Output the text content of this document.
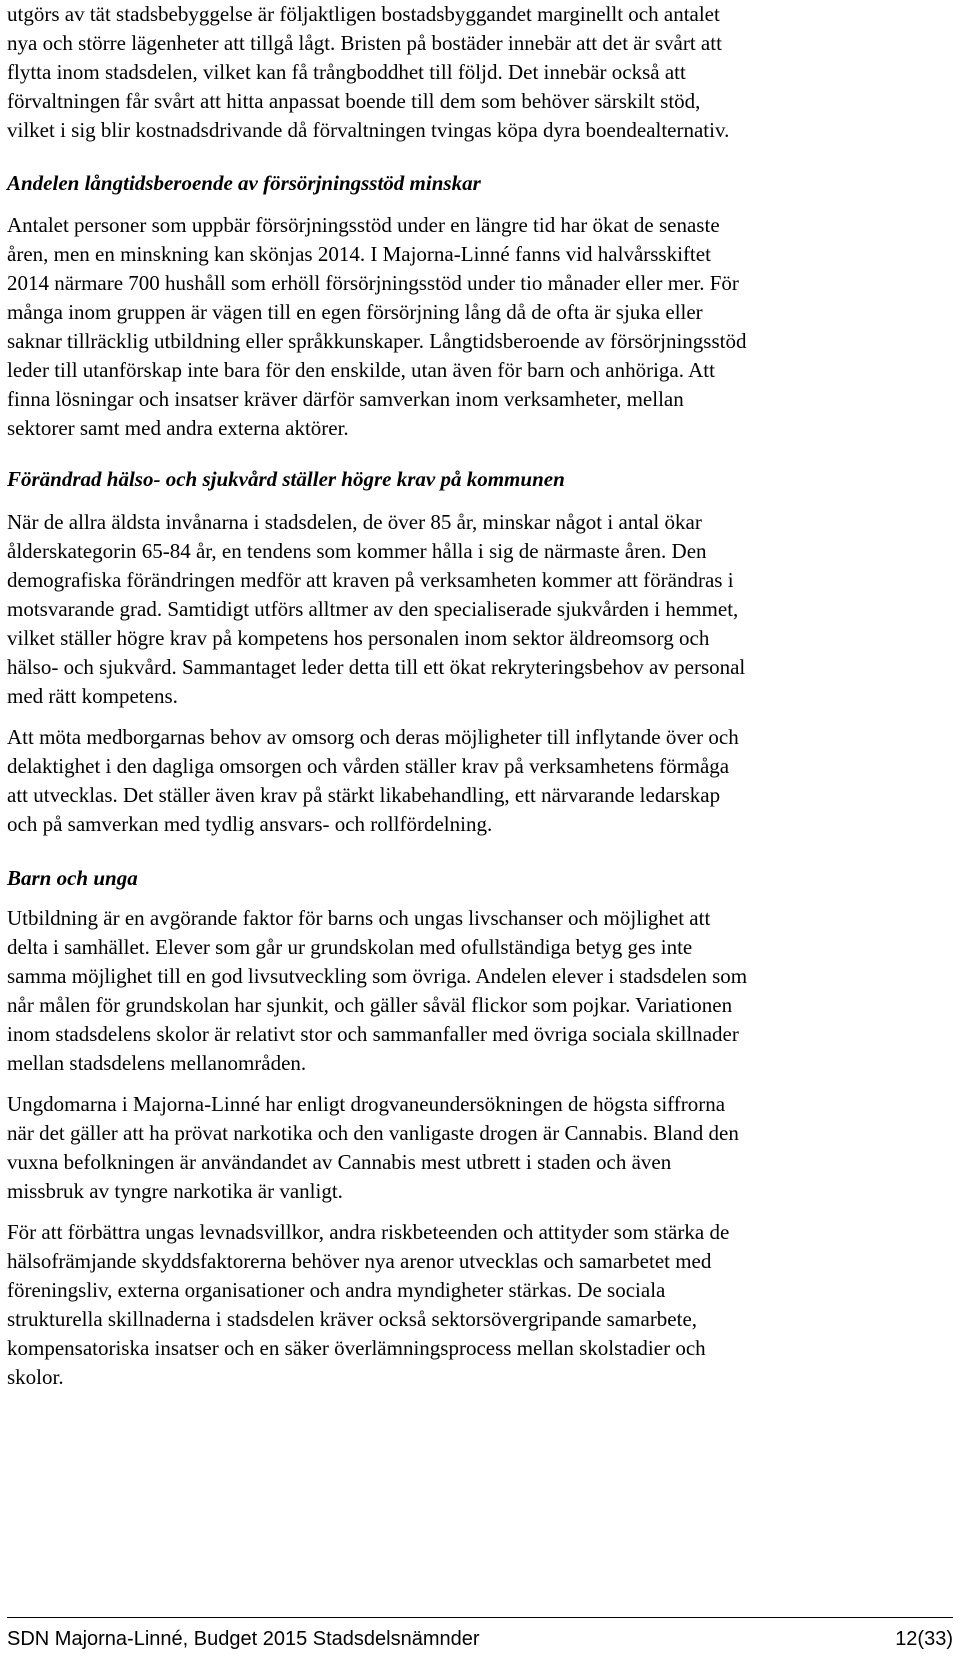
utgörs av tät stadsbebyggelse är följaktligen bostadsbyggandet marginellt och antalet
nya och större lägenheter att tillgå lågt. Bristen på bostäder innebär att det är svårt att
flytta inom stadsdelen, vilket kan få trångboddhet till följd. Det innebär också att
förvaltningen får svårt att hitta anpassat boende till dem som behöver särskilt stöd,
vilket i sig blir kostnadsdrivande då förvaltningen tvingas köpa dyra boendealternativ.

Andelen långtidsberoende av försörjningsstöd minskar

Antalet personer som uppbär försörjningsstöd under en längre tid har ökat de senaste
åren, men en minskning kan skönjas 2014. I Majorna-Linné fanns vid halvårsskiftet
2014 närmare 700 hushåll som erhöll försörjningsstöd under tio månader eller mer. För
många inom gruppen är vägen till en egen försörjning lång då de ofta är sjuka eller
saknar tillräcklig utbildning eller språkkunskaper. Långtidsberoende av försörjningsstöd
leder till utanförskap inte bara för den enskilde, utan även för barn och anhöriga. Att
finna lösningar och insatser kräver därför samverkan inom verksamheter, mellan
sektorer samt med andra externa aktörer.

Förändrad hälso- och sjukvård ställer högre krav på kommunen

När de allra äldsta invånarna i stadsdelen, de över 85 år, minskar något i antal ökar
ålderskategorin 65-84 år, en tendens som kommer hålla i sig de närmaste åren. Den
demografiska förändringen medför att kraven på verksamheten kommer att förändras i
motsvarande grad. Samtidigt utförs alltmer av den specialiserade sjukvården i hemmet,
vilket ställer högre krav på kompetens hos personalen inom sektor äldreomsorg och
hälso- och sjukvård. Sammantaget leder detta till ett ökat rekryteringsbehov av personal
med rätt kompetens.

Att möta medborgarnas behov av omsorg och deras möjligheter till inflytande över och
delaktighet i den dagliga omsorgen och vården ställer krav på verksamhetens förmåga
att utvecklas. Det ställer även krav på stärkt likabehandling, ett närvarande ledarskap
och på samverkan med tydlig ansvars- och rollfördelning.

Barn och unga

Utbildning är en avgörande faktor för barns och ungas livschanser och möjlighet att
delta i samhället. Elever som går ur grundskolan med ofullständiga betyg ges inte
samma möjlighet till en god livsutveckling som övriga. Andelen elever i stadsdelen som
når målen för grundskolan har sjunkit, och gäller såväl flickor som pojkar. Variationen
inom stadsdelens skolor är relativt stor och sammanfaller med övriga sociala skillnader
mellan stadsdelens mellanområden.

Ungdomarna i Majorna-Linné har enligt drogvaneundersökningen de högsta siffrorna
när det gäller att ha prövat narkotika och den vanligaste drogen är Cannabis. Bland den
vuxna befolkningen är användandet av Cannabis mest utbrett i staden och även
missbruk av tyngre narkotika är vanligt.

För att förbättra ungas levnadsvillkor, andra riskbeteenden och attityder som stärka de
hälsofrämjande skyddsfaktorerna behöver nya arenor utvecklas och samarbetet med
föreningsliv, externa organisationer och andra myndigheter stärkas. De sociala
strukturella skillnaderna i stadsdelen kräver också sektorsövergripande samarbete,
kompensatoriska insatser och en säker överlämningsprocess mellan skolstadier och
skolor.

SDN Majorna-Linné, Budget 2015 Stadsdelsnämnder	12(33)
